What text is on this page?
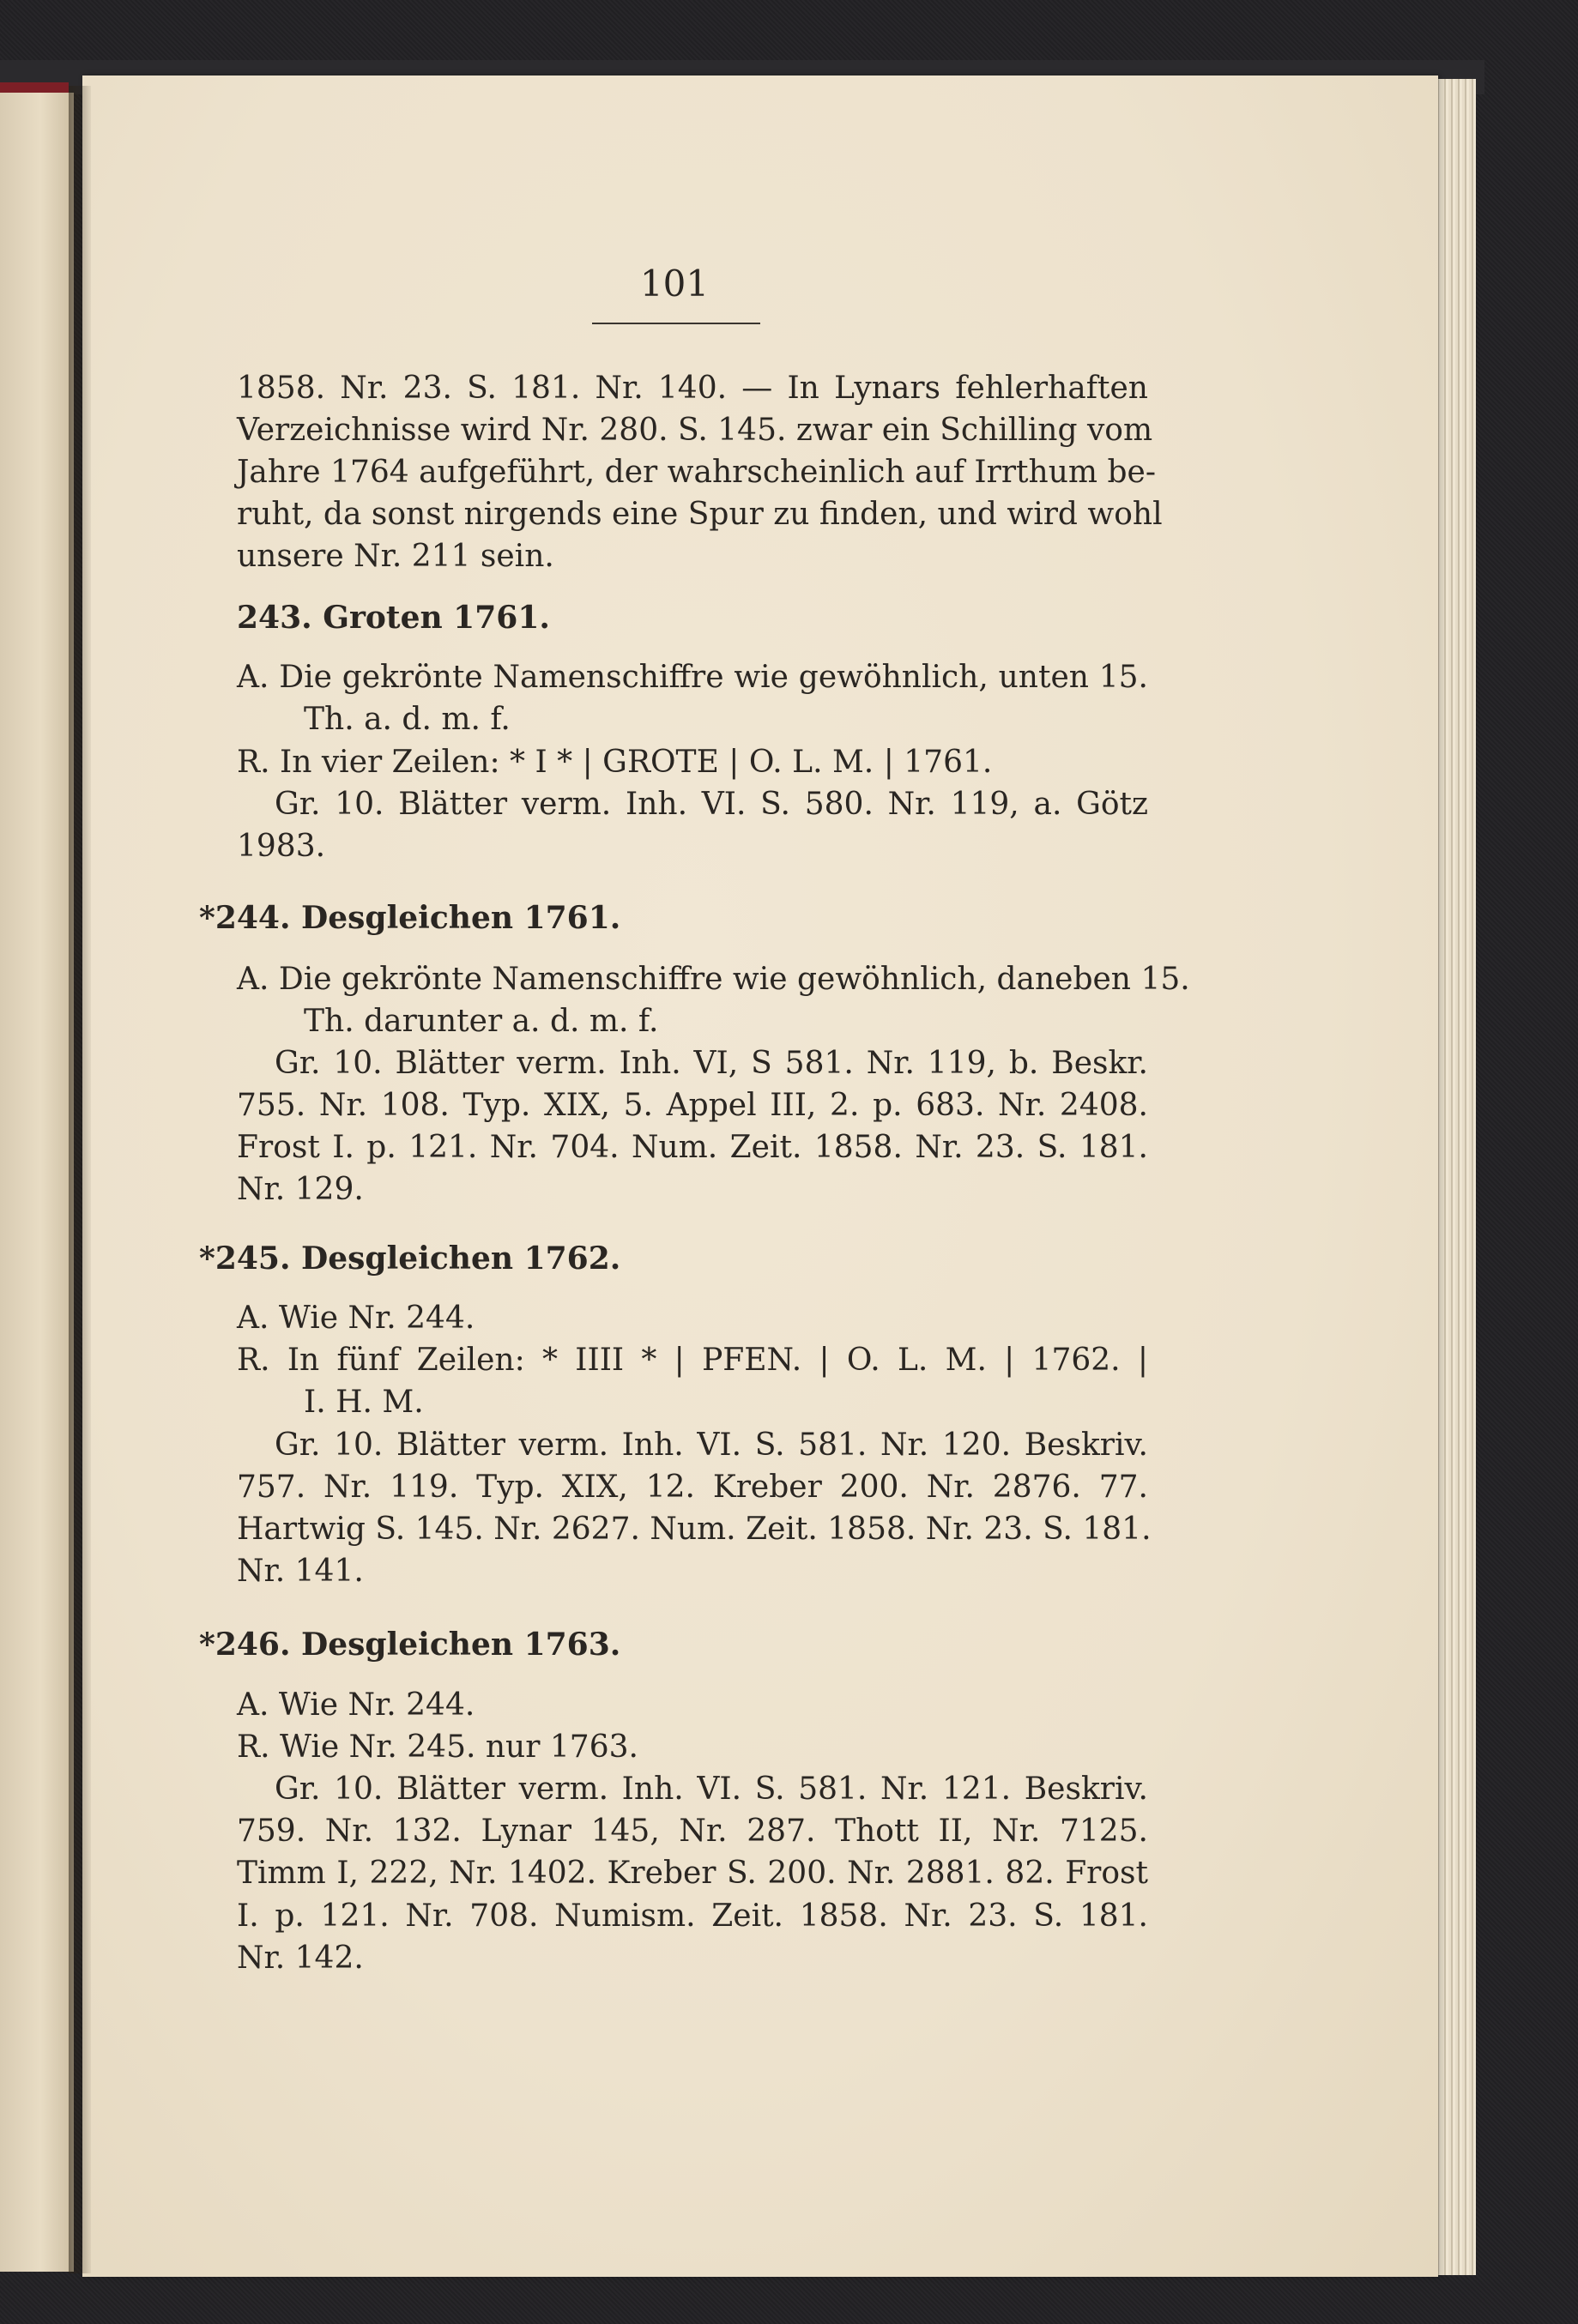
101
1858. Nr. 23. S. 181. Nr. 140. — In Lynars fehlerhaften
Verzeichnisse wird Nr. 280. S. 145. zwar ein Schilling vom
Jahre 1764 aufgeführt, der wahrscheinlich auf Irrthum be-
ruht, da sonst nirgends eine Spur zu finden, und wird wohl
unsere Nr. 211 sein.
243. Groten 1761.
A. Die gekrönte Namenschiffre wie gewöhnlich, unten 15.
Th. a. d. m. f.
R. In vier Zeilen: * I * | GROTE | O. L. M. | 1761.
Gr. 10. Blätter verm. Inh. VI. S. 580. Nr. 119, a. Götz
1983.
*244. Desgleichen 1761.
A. Die gekrönte Namenschiffre wie gewöhnlich, daneben 15.
Th. darunter a. d. m. f.
Gr. 10. Blätter verm. Inh. VI, S 581. Nr. 119, b. Beskr.
755. Nr. 108. Typ. XIX, 5. Appel III, 2. p. 683. Nr. 2408.
Frost I. p. 121. Nr. 704. Num. Zeit. 1858. Nr. 23. S. 181.
Nr. 129.
*245. Desgleichen 1762.
A. Wie Nr. 244.
R. In fünf Zeilen: * IIII * | PFEN. | O. L. M. | 1762. |
I. H. M.
Gr. 10. Blätter verm. Inh. VI. S. 581. Nr. 120. Beskriv.
757. Nr. 119. Typ. XIX, 12. Kreber 200. Nr. 2876. 77.
Hartwig S. 145. Nr. 2627. Num. Zeit. 1858. Nr. 23. S. 181.
Nr. 141.
*246. Desgleichen 1763.
A. Wie Nr. 244.
R. Wie Nr. 245. nur 1763.
Gr. 10. Blätter verm. Inh. VI. S. 581. Nr. 121. Beskriv.
759. Nr. 132. Lynar 145, Nr. 287. Thott II, Nr. 7125.
Timm I, 222, Nr. 1402. Kreber S. 200. Nr. 2881. 82. Frost
I. p. 121. Nr. 708. Numism. Zeit. 1858. Nr. 23. S. 181.
Nr. 142.
